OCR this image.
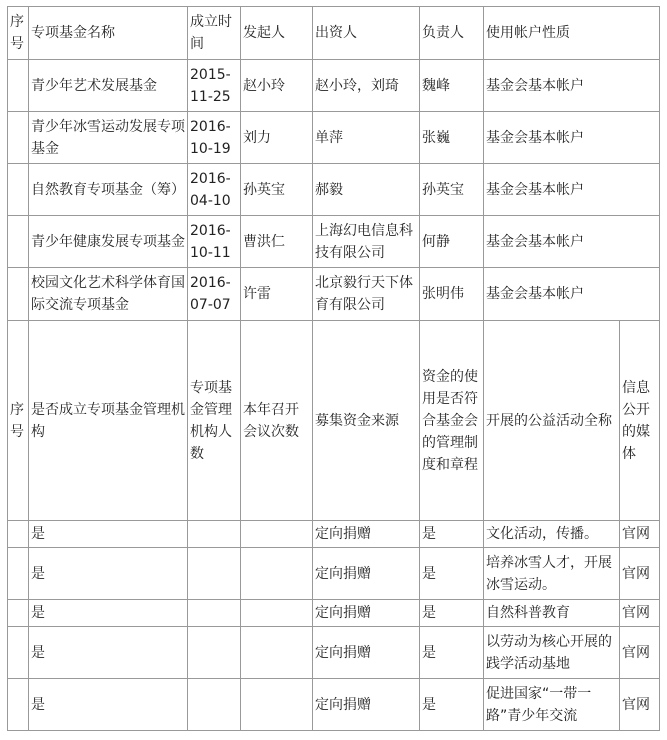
序号	专项基金名称	成立时间	发起人	出资人	负责人	使用帐户性质	
	青少年艺术发展基金	2015-11-25	赵小玲	赵小玲，刘琦	魏峰	基金会基本帐户	
	青少年冰雪运动发展专项基金	2016-10-19	刘力	单萍	张巍	基金会基本帐户	
	自然教育专项基金（筹）	2016-04-10	孙英宝	郝毅	孙英宝	基金会基本帐户	
	青少年健康发展专项基金	2016-10-11	曹洪仁	上海幻电信息科技有限公司	何静	基金会基本帐户	
	校园文化艺术科学体育国际交流专项基金	2016-07-07	许雷	北京毅行天下体育有限公司	张明伟	基金会基本帐户	
序号	是否成立专项基金管理机构	专项基金管理机构人数	本年召开会议次数	募集资金来源	资金的使用是否符合基金会的管理制度和章程	开展的公益活动全称	信息公开的媒体
	是			定向捐赠	是	文化活动，传播。	官网
	是			定向捐赠	是	培养冰雪人才，开展冰雪运动。	官网
	是			定向捐赠	是	自然科普教育	官网
	是			定向捐赠	是	以劳动为核心开展的践学活动基地	官网
	是			定向捐赠	是	促进国家“一带一路”青少年交流	官网
